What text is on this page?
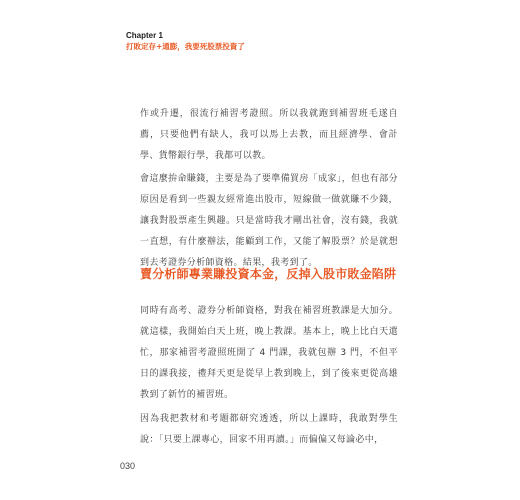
Chapter 1
打敗定存+通膨，我要死股票投資了

作或升遷，很流行補習考證照。所以我就跑到補習班毛遂自薦，只要他們有缺人，我可以馬上去教，而且經濟學、會計學、貨幣銀行學，我都可以教。

會這麼拚命賺錢，主要是為了要準備買房「成家」，但也有部分原因是看到一些親友經常進出股市，短線做一做就賺不少錢，讓我對股票產生興趣。只是當時我才剛出社會，沒有錢，我就一直想，有什麼辦法，能顧到工作，又能了解股票？於是就想到去考證券分析師資格。結果，我考到了。

賣分析師專業賺投資本金，反掉入股市敗金陷阱

同時有高考、證券分析師資格，對我在補習班教課是大加分。就這樣，我開始白天上班，晚上教課。基本上，晚上比白天還忙，那家補習考證照班開了 4 門課，我就包辦 3 門，不但平日的課我接，禮拜天更是從早上教到晚上，到了後來更從高雄教到了新竹的補習班。

因為我把教材和考題都研究透透，所以上課時，我敢對學生說：「只要上課專心，回家不用再讀。」而偏偏又每論必中，

030
